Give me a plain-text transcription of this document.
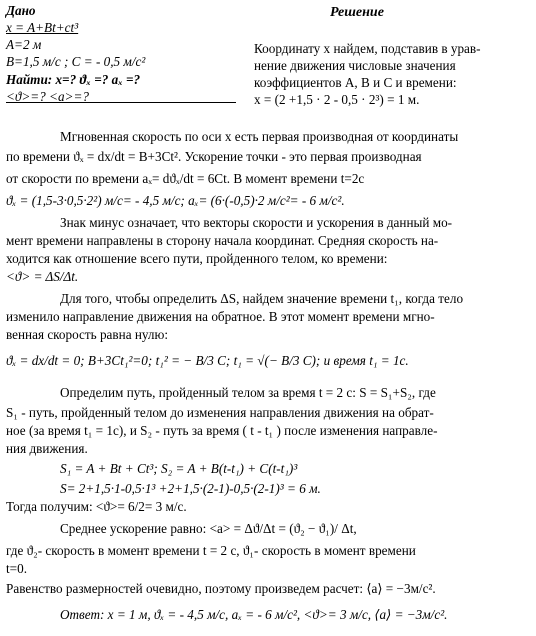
Дано
x = A+Bt+ct³
A=2 м
B=1,5 м/с ; C = - 0,5 м/с²
Найти: x=? ϑₓ =? aₓ =?
<ϑ>=? <a>=?
Решение
Координату x найдем, подставив в урав-
нение движения числовые значения
коэффициентов A, B и C и времени:
x = (2 +1,5 · 2 - 0,5 · 2³) = 1 м.
Мгновенная скорость по оси x есть первая производная от координаты
по времени ϑₓ = dx/dt = B+3Ct². Ускорение точки - это первая производная
от скорости по времени aₓ= dϑₓ/dt = 6Ct. В момент времени t=2c
ϑₓ = (1,5-3·0,5·2²) м/с= - 4,5 м/с; aₓ= (6·(-0,5)·2 м/с²= - 6 м/с².
Знак минус означает, что векторы скорости и ускорения в данный мо-
мент времени направлены в сторону начала координат. Средняя скорость на-
ходится как отношение всего пути, пройденного телом, ко времени:
<ϑ> = ΔS/Δt.
Для того, чтобы определить ΔS, найдем значение времени t₁, когда тело
изменило направление движения на обратное. В этот момент времени мгно-
венная скорость равна нулю:
ϑₓ = dx/dt = 0; B+3Ct₁²=0; t₁² = − B/3 C; t₁ = √(− B/3 C); и время t₁ = 1c.
Определим путь, пройденный телом за время t = 2 c: S = S₁+S₂, где
S₁ - путь, пройденный телом до изменения направления движения на обрат-
ное (за время t₁ = 1c), и S₂ - путь за время ( t - t₁ ) после изменения направле-
ния движения.
S₁ = A + Bt + Ct³; S₂ = A + B(t-t₁) + C(t-t₁)³
S= 2+1,5·1-0,5·1³ +2+1,5·(2-1)-0,5·(2-1)³ = 6 м.
Тогда получим: <ϑ>= 6/2= 3 м/с.
Среднее ускорение равно: <a> = Δϑ/Δt = (ϑ₂ − ϑ₁)/ Δt,
где ϑ₂- скорость в момент времени t = 2 с, ϑ₁- скорость в момент времени
t=0.
Равенство размерностей очевидно, поэтому произведем расчет: ⟨a⟩ = −3м/с².
Ответ: x = 1 м, ϑₓ = - 4,5 м/с, aₓ = - 6 м/с², <ϑ>= 3 м/с, ⟨a⟩ = −3м/с².
